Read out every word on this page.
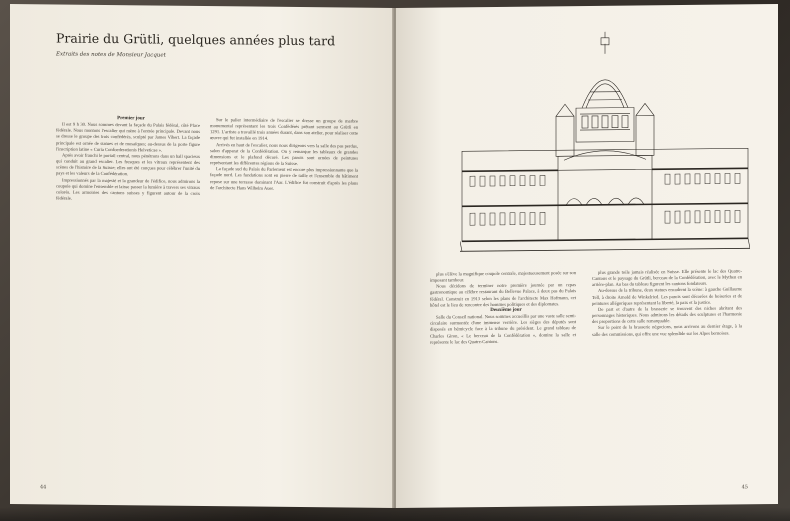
Prairie du Grütli, quelques années plus tard
Extraits des notes de Monsieur Jacquet

Premier jour

Il est 9 h 30. Nous sommes devant la façade du Palais fédéral, côté Place fédérale. Nous montons l'escalier qui mène à l'entrée principale. Devant nous se dresse le groupe des trois confédérés, sculpté par James Vibert. La façade principale est ornée de statues et de mosaïques; au-dessus de la porte figure l'inscription latine « Curia Confoederationis Helveticae ».

Après avoir franchi le portail central, nous pénétrons dans un hall spacieux qui conduit au grand escalier. Les fresques et les vitraux représentent des scènes de l'histoire de la Suisse; elles ont été conçues pour célébrer l'unité du pays et les valeurs de la Confédération.

Impressionnés par la majesté et la grandeur de l'édifice, nous admirons la coupole qui domine l'ensemble et laisse passer la lumière à travers ses vitraux colorés. Les armoiries des cantons suisses y figurent autour de la croix fédérale.

Sur le palier intermédiaire de l'escalier se dresse un groupe de marbre monumental représentant les trois Confédérés prêtant serment au Grütli en 1291. L'artiste a travaillé trois années durant, dans son atelier, pour réaliser cette œuvre qui fut installée en 1914.

Arrivés en haut de l'escalier, nous nous dirigeons vers la salle des pas perdus, salon d'apparat de la Confédération. On y remarque les tableaux de grandes dimensions et le plafond décoré. Les parois sont ornées de peintures représentant les différentes régions de la Suisse.

La façade sud du Palais du Parlement est encore plus impressionnante que la façade nord. Les fondations sont en pierre de taille et l'ensemble du bâtiment repose sur une terrasse dominant l'Aar. L'édifice fut construit d'après les plans de l'architecte Hans Wilhelm Auer.

44

plus s'élève la magnifique coupole centrale, majestueusement posée sur son imposant tambour.

Nous décidons de terminer notre première journée par un repas gastronomique au célèbre restaurant du Bellevue Palace, à deux pas du Palais fédéral. Construit en 1913 selon les plans de l'architecte Max Hofmann, cet hôtel est le lieu de rencontre des hommes politiques et des diplomates.

Deuxième jour

Salle du Conseil national. Nous sommes accueillis par une vaste salle semi-circulaire surmontée d'une immense verrière. Les sièges des députés sont disposés en hémicycle face à la tribune du président. Le grand tableau de Charles Giron, « Le berceau de la Confédération », domine la salle et représente le lac des Quatre-Cantons.

plus grande toile jamais réalisée en Suisse. Elle présente le lac des Quatre-Cantons et le paysage du Grütli, berceau de la Confédération, avec le Mythen en arrière-plan. Au bas du tableau figurent les cantons fondateurs.

Au-dessus de la tribune, deux statues encadrent la scène: à gauche Guillaume Tell, à droite Arnold de Winkelried. Les parois sont décorées de boiseries et de peintures allégoriques représentant la liberté, la paix et la justice.

De part et d'autre de la brasserie se trouvent des niches abritant des personnages historiques. Nous admirons les détails des sculptures et l'harmonie des proportions de cette salle remarquable.

Sur le point de la brasserie négocions, nous arrivons au dernier étage, à la salle des commissions, qui offre une vue splendide sur les Alpes bernoises.

45
